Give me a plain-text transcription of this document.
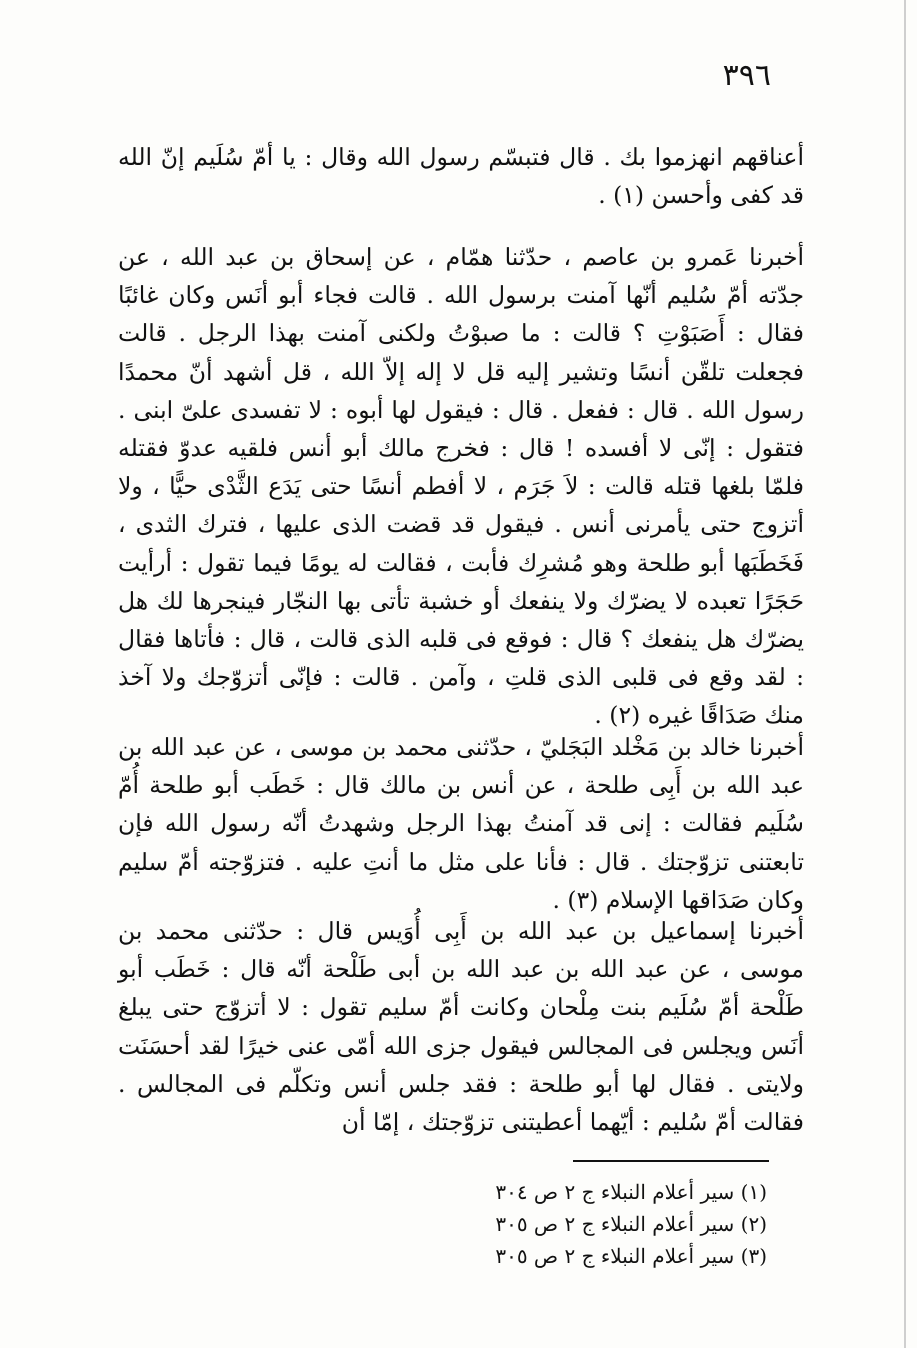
٣٩٦

أعناقهم انهزموا بك . قال فتبسّم رسول الله وقال : يا أمّ سُلَيم إنّ الله قد كفى وأحسن (١) .

أخبرنا عَمرو بن عاصم ، حدّثنا همّام ، عن إسحاق بن عبد الله ، عن جدّته أمّ سُليم أنّها آمنت برسول الله . قالت فجاء أبو أنَس وكان غائبًا فقال : أَصَبَوْتِ ؟ قالت : ما صبوْتُ ولكنى آمنت بهذا الرجل . قالت فجعلت تلقّن أنسًا وتشير إليه قل لا إله إلاّ الله ، قل أشهد أنّ محمدًا رسول الله . قال : ففعل . قال : فيقول لها أبوه : لا تفسدى علىّ ابنى . فتقول : إنّى لا أفسده ! قال : فخرج مالك أبو أنس فلقيه عدوّ فقتله فلمّا بلغها قتله قالت : لاَ جَرَم ، لا أفطم أنسًا حتى يَدَع الثَّدْى حيًّا ، ولا أتزوج حتى يأمرنى أنس . فيقول قد قضت الذى عليها ، فترك الثدى ، فَخَطَبَها أبو طلحة وهو مُشرِك فأبت ، فقالت له يومًا فيما تقول : أرأيت حَجَرًا تعبده لا يضرّك ولا ينفعك أو خشبة تأتى بها النجّار فينجرها لك هل يضرّك هل ينفعك ؟ قال : فوقع فى قلبه الذى قالت ، قال : فأتاها فقال : لقد وقع فى قلبى الذى قلتِ ، وآمن . قالت : فإنّى أتزوّجك ولا آخذ منك صَدَاقًا غيره (٢) .

أخبرنا خالد بن مَخْلد البَجَليّ ، حدّثنى محمد بن موسى ، عن عبد الله بن عبد الله بن أَبِى طلحة ، عن أنس بن مالك قال : خَطَب أبو طلحة أُمّ سُلَيم فقالت : إنى قد آمنتُ بهذا الرجل وشهدتُ أنّه رسول الله فإن تابعتنى تزوّجتك . قال : فأنا على مثل ما أنتِ عليه . فتزوّجته أمّ سليم وكان صَدَاقها الإسلام (٣) .

أخبرنا إسماعيل بن عبد الله بن أَبِى أُوَيس قال : حدّثنى محمد بن موسى ، عن عبد الله بن عبد الله بن أبى طَلْحة أنّه قال : خَطَب أبو طَلْحة أمّ سُلَيم بنت مِلْحان وكانت أمّ سليم تقول : لا أتزوّج حتى يبلغ أنَس ويجلس فى المجالس فيقول جزى الله أمّى عنى خيرًا لقد أحسَنَت ولايتى . فقال لها أبو طلحة : فقد جلس أنس وتكلّم فى المجالس . فقالت أمّ سُليم : أيّهما أعطيتنى تزوّجتك ، إمّا أن

(١) سير أعلام النبلاء ج ٢ ص ٣٠٤

(٢) سير أعلام النبلاء ج ٢ ص ٣٠٥

(٣) سير أعلام النبلاء ج ٢ ص ٣٠٥
